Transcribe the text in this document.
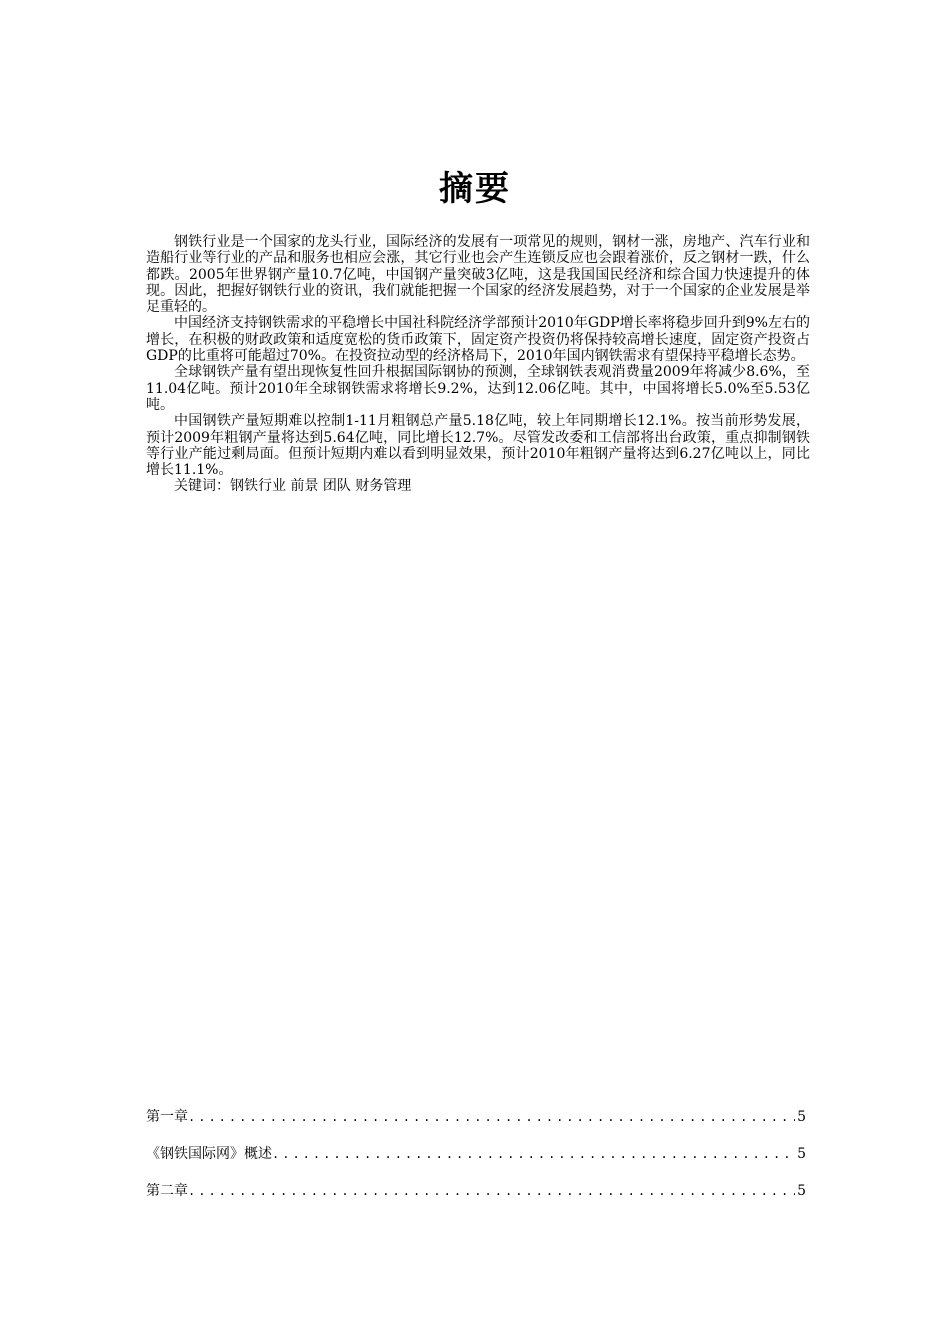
摘要

钢铁行业是一个国家的龙头行业，国际经济的发展有一项常见的规则，钢材一涨，房地产、汽车行业和造船行业等行业的产品和服务也相应会涨，其它行业也会产生连锁反应也会跟着涨价，反之钢材一跌，什么都跌。2005年世界钢产量10.7亿吨，中国钢产量突破3亿吨，这是我国国民经济和综合国力快速提升的体现。因此，把握好钢铁行业的资讯，我们就能把握一个国家的经济发展趋势，对于一个国家的企业发展是举足重轻的。

中国经济支持钢铁需求的平稳增长中国社科院经济学部预计2010年GDP增长率将稳步回升到9%左右的增长，在积极的财政政策和适度宽松的货币政策下，固定资产投资仍将保持较高增长速度，固定资产投资占GDP的比重将可能超过70%。在投资拉动型的经济格局下，2010年国内钢铁需求有望保持平稳增长态势。

全球钢铁产量有望出现恢复性回升根据国际钢协的预测，全球钢铁表观消费量2009年将减少8.6%，至11.04亿吨。预计2010年全球钢铁需求将增长9.2%，达到12.06亿吨。其中，中国将增长5.0%至5.53亿吨。

中国钢铁产量短期难以控制1-11月粗钢总产量5.18亿吨，较上年同期增长12.1%。按当前形势发展，预计2009年粗钢产量将达到5.64亿吨，同比增长12.7%。尽管发改委和工信部将出台政策，重点抑制钢铁等行业产能过剩局面。但预计短期内难以看到明显效果，预计2010年粗钢产量将达到6.27亿吨以上，同比增长11.1%。

关键词：钢铁行业 前景 团队 财务管理

第一章 .....	5
《钢铁国际网》概述 .....	5
第二章 .....	5
